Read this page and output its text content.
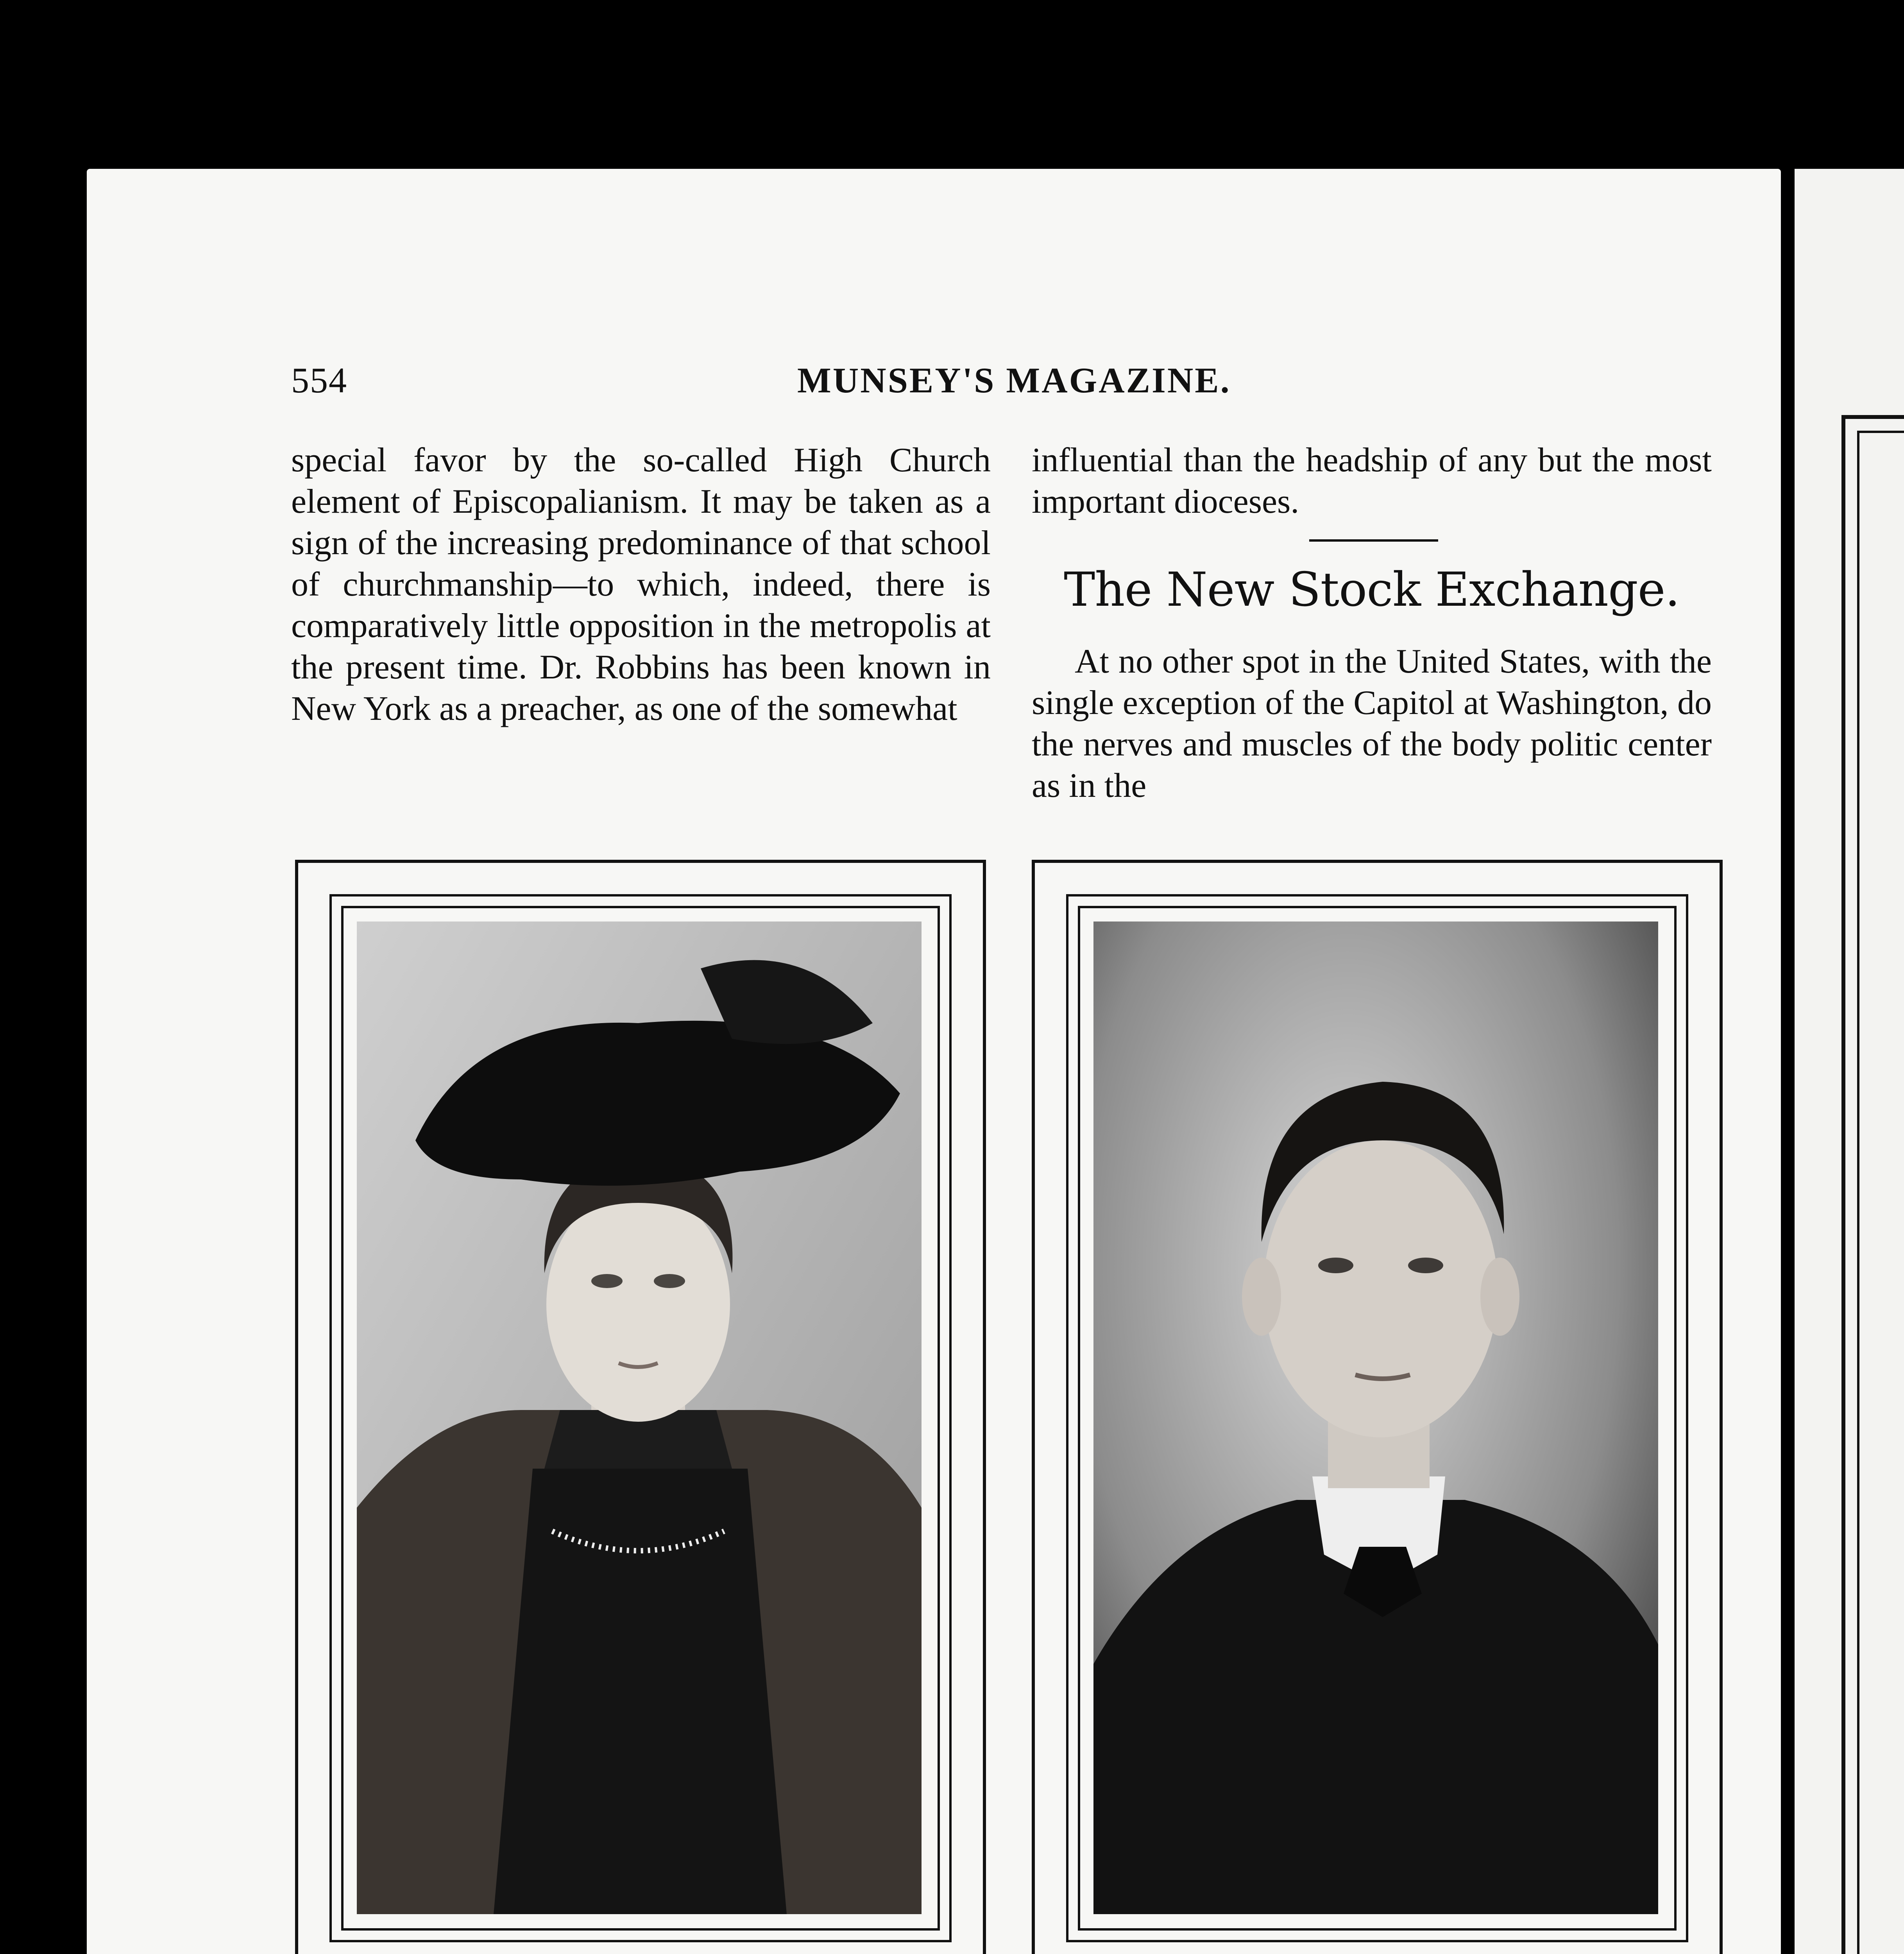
554	MUNSEY'S MAGAZINE.

special favor by the so-called High Church element of Episcopalianism. It may be taken as a sign of the increasing predominance of that school of churchmanship—to which, indeed, there is comparatively little opposition in the metropolis at the present time. Dr. Robbins has been known in New York as a preacher, as one of the somewhat

influential than the headship of any but the most important dioceses.

The New Stock Exchange.

At no other spot in the United States, with the single exception of the Capitol at Washington, do the nerves and muscles of the body politic center as in the
